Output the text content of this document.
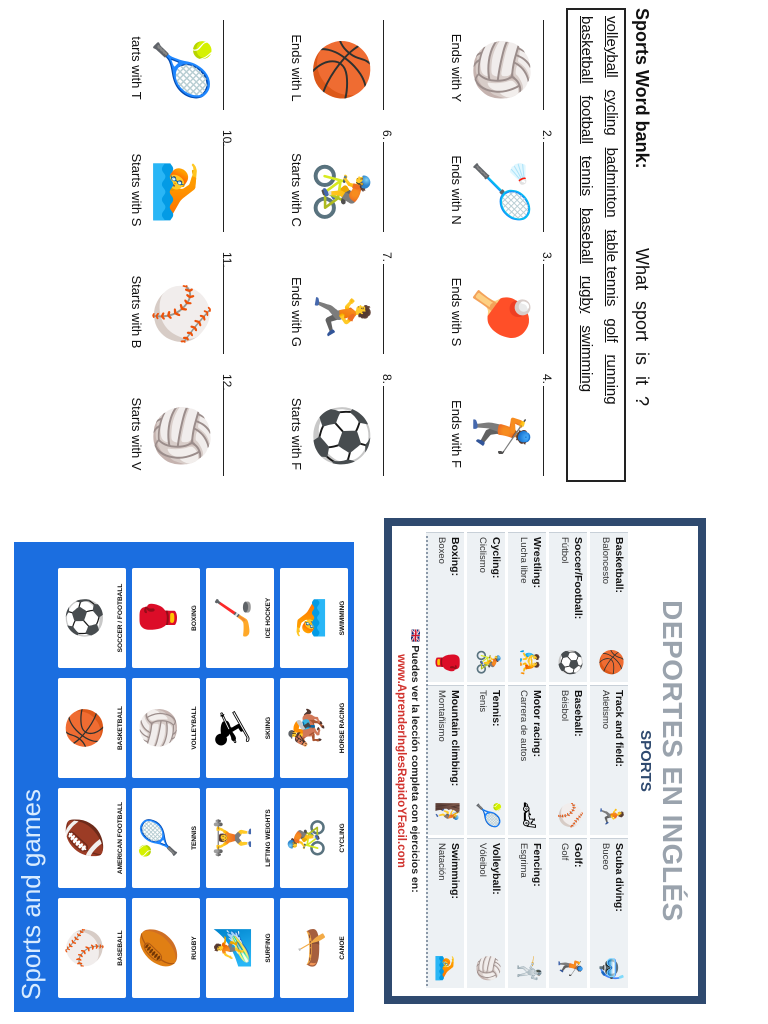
Sports Word bank:
What sport is it ?
volleyball
cycling
badminton
table tennis
golf
running
basketball
football
tennis
baseball
rugby
swimming
🏐
Ends with Y
2.
🏸
Ends with N
3.
🏓
Ends with S
4.
🏌
Ends with F
🏀
Ends with L
6.
🚴
Starts with C
7.
🏃
Ends with G
8.
⚽
Starts with F
🎾
tarts with T
10.
🏊
Starts with S
11.
⚾
Starts with B
12.
🏐
Starts with V
Sports and games ⚾	BASEBALL
🏈	AMERICAN FOOTBALL
🏀	BASKETBALL
⚽	SOCCER / FOOTBALL
🏉	RUGBY
🎾	TENNIS
🏐	VOLLEYBALL
🥊	BOXING
🏄	SURFING
🏋	LIFTING WEIGHTS
⛷	SKIING
🏒	ICE HOCKEY
🛶	CANOE
🚴	CYCLING
🏇	HORSE RACING
🏊	SWIMMING	DEPORTES EN INGLÉS
SPORTS
Basketball:
Baloncesto
🏀
Track and field:
Atletismo
🏃
Scuba diving:
Buceo
🤿
Soccer/Football:
Fútbol
⚽
Baseball:
Béisbol
⚾
Golf:
Golf
🏌
Wrestling:
Lucha libre
🤼
Motor racing:
Carrera de autos
🏎
Fencing:
Esgrima
🤺
Cycling:
Ciclismo
🚴
Tennis:
Tenis
🎾
Volleyball:
Vóleibol
🏐
Boxing:
Boxeo
🥊
Mountain climbing:
Montañismo
🧗
Swimming:
Natación
🏊
🇬🇧 Puedes ver la lección completa con ejercicios en:
www.AprenderInglesRapidoYFacil.com
